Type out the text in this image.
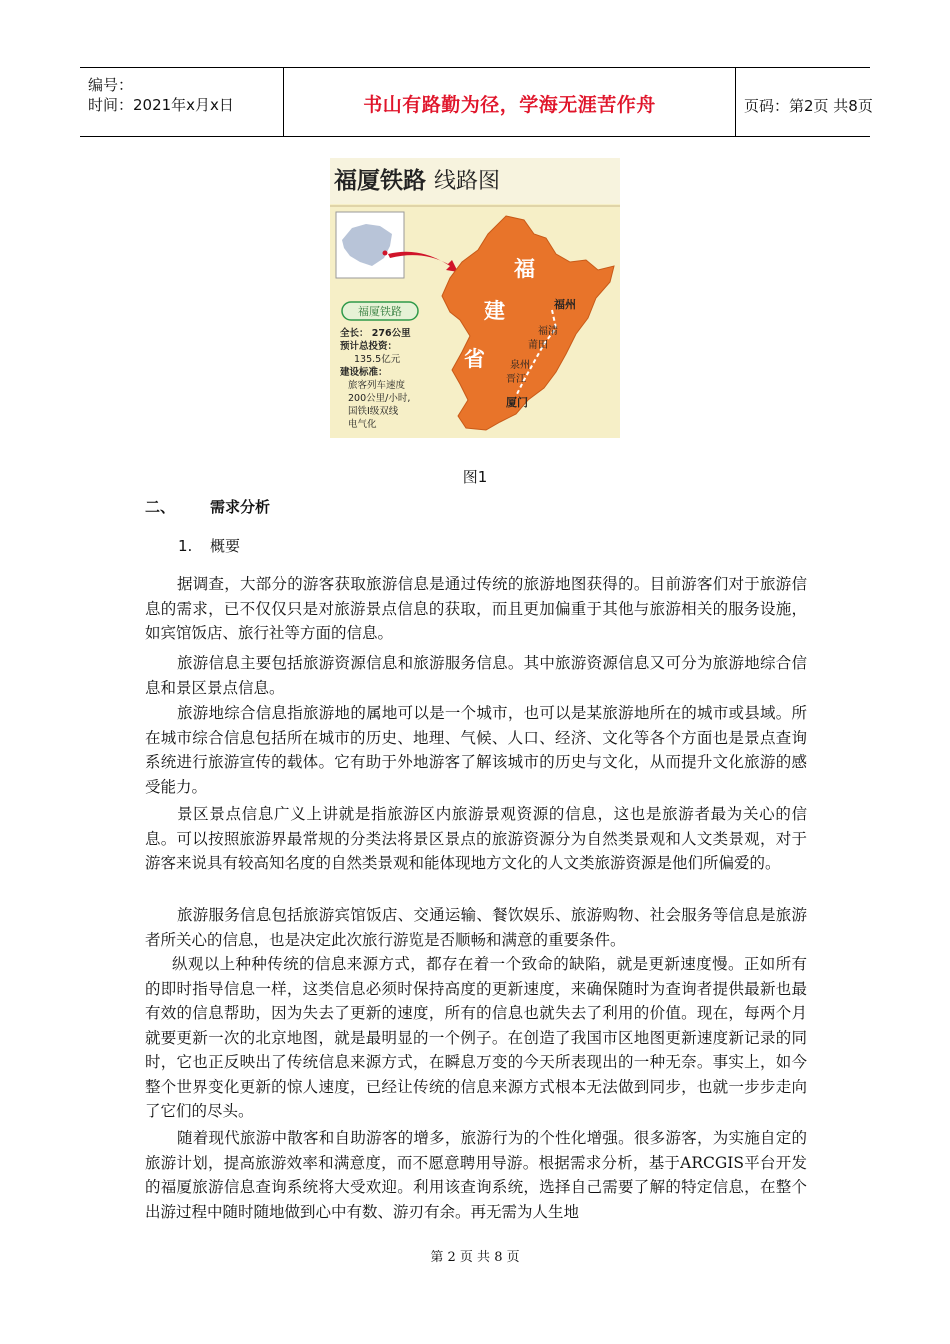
编号：
时间：2021年x月x日	书山有路勤为径，学海无涯苦作舟	页码：第2页 共8页
福厦铁路 线路图
福
建
省
福州
福清
莆田
泉州
晋江
厦门
福厦铁路
全长： 276公里
预计总投资：
135.5亿元
建设标准：
旅客列车速度
200公里/小时,
国铁Ⅰ级双线
电气化
图1
二、 需求分析
1. 概要

据调查，大部分的游客获取旅游信息是通过传统的旅游地图获得的。目前游客们对于旅游信息的需求，已不仅仅只是对旅游景点信息的获取，而且更加偏重于其他与旅游相关的服务设施，如宾馆饭店、旅行社等方面的信息。

旅游信息主要包括旅游资源信息和旅游服务信息。其中旅游资源信息又可分为旅游地综合信息和景区景点信息。

旅游地综合信息指旅游地的属地可以是一个城市，也可以是某旅游地所在的城市或县域。所在城市综合信息包括所在城市的历史、地理、气候、人口、经济、文化等各个方面也是景点查询系统进行旅游宣传的载体。它有助于外地游客了解该城市的历史与文化，从而提升文化旅游的感受能力。

景区景点信息广义上讲就是指旅游区内旅游景观资源的信息，这也是旅游者最为关心的信息。可以按照旅游界最常规的分类法将景区景点的旅游资源分为自然类景观和人文类景观，对于游客来说具有较高知名度的自然类景观和能体现地方文化的人文类旅游资源是他们所偏爱的。

旅游服务信息包括旅游宾馆饭店、交通运输、餐饮娱乐、旅游购物、社会服务等信息是旅游者所关心的信息，也是决定此次旅行游览是否顺畅和满意的重要条件。

纵观以上种种传统的信息来源方式，都存在着一个致命的缺陷，就是更新速度慢。正如所有的即时指导信息一样，这类信息必须时保持高度的更新速度，来确保随时为查询者提供最新也最有效的信息帮助，因为失去了更新的速度，所有的信息也就失去了利用的价值。现在，每两个月就要更新一次的北京地图，就是最明显的一个例子。在创造了我国市区地图更新速度新记录的同时，它也正反映出了传统信息来源方式，在瞬息万变的今天所表现出的一种无奈。事实上，如今整个世界变化更新的惊人速度，已经让传统的信息来源方式根本无法做到同步，也就一步步走向了它们的尽头。

随着现代旅游中散客和自助游客的增多，旅游行为的个性化增强。很多游客，为实施自定的旅游计划，提高旅游效率和满意度，而不愿意聘用导游。根据需求分析，基于ARCGIS平台开发的福厦旅游信息查询系统将大受欢迎。利用该查询系统，选择自己需要了解的特定信息，在整个出游过程中随时随地做到心中有数、游刃有余。再无需为人生地

第 2 页 共 8 页
